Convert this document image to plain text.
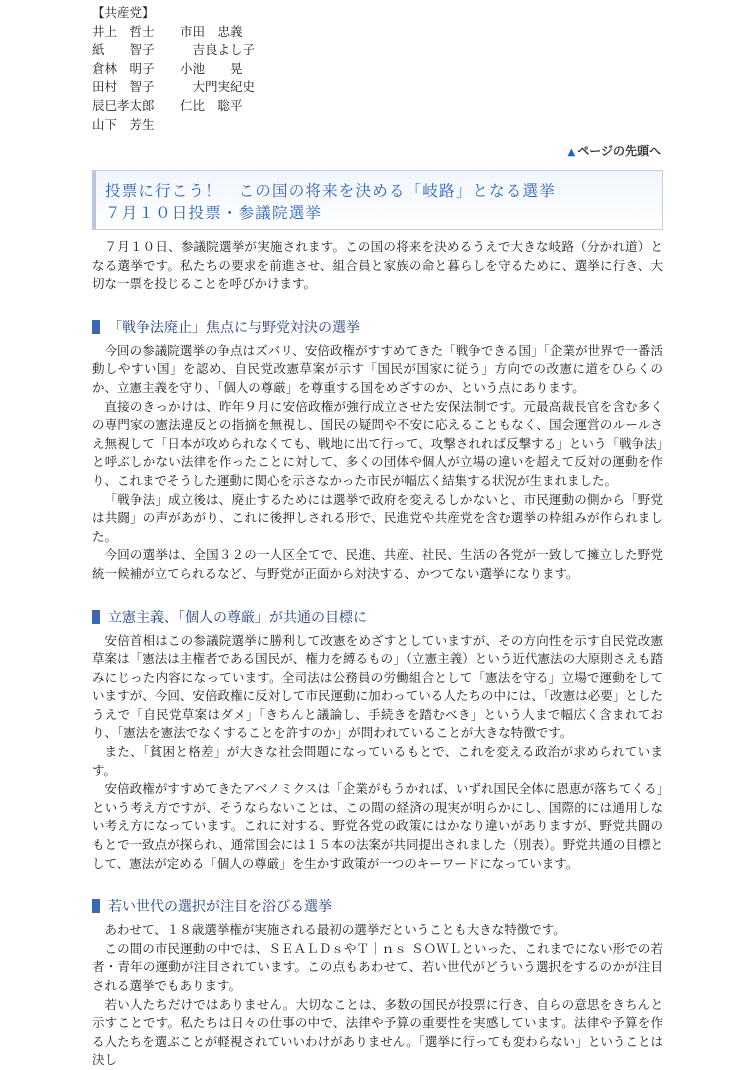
【共産党】
井上　哲士	市田　忠義
紙　　智子	　吉良よし子
倉林　明子	小池　　晃
田村　智子	　大門実紀史
辰巳孝太郎	仁比　聡平
山下　芳生
▲ ページの先頭へ
投票に行こう！　この国の将来を決める「岐路」となる選挙
７月１０日投票・参議院選挙

７月１０日、参議院選挙が実施されます。この国の将来を決めるうえで大きな岐路（分かれ道）となる選挙です。私たちの要求を前進させ、組合員と家族の命と暮らしを守るために、選挙に行き、大切な一票を投じることを呼びかけます。

「戦争法廃止」焦点に与野党対決の選挙

今回の参議院選挙の争点はズバリ、安倍政権がすすめてきた「戦争できる国」「企業が世界で一番活動しやすい国」を認め、自民党改憲草案が示す「国民が国家に従う」方向での改憲に道をひらくのか、立憲主義を守り、「個人の尊厳」を尊重する国をめざすのか、という点にあります。

直接のきっかけは、昨年９月に安倍政権が強行成立させた安保法制です。元最高裁長官を含む多くの専門家の憲法違反との指摘を無視し、国民の疑問や不安に応えることもなく、国会運営のルールさえ無視して「日本が攻められなくても、戦地に出て行って、攻撃されれば反撃する」という「戦争法」と呼ぶしかない法律を作ったことに対して、多くの団体や個人が立場の違いを超えて反対の運動を作り、これまでそうした運動に関心を示さなかった市民が幅広く結集する状況が生まれました。

「戦争法」成立後は、廃止するためには選挙で政府を変えるしかないと、市民運動の側から「野党は共闘」の声があがり、これに後押しされる形で、民進党や共産党を含む選挙の枠組みが作られました。

今回の選挙は、全国３２の一人区全てで、民進、共産、社民、生活の各党が一致して擁立した野党統一候補が立てられるなど、与野党が正面から対決する、かつてない選挙になります。

立憲主義、「個人の尊厳」が共通の目標に

安倍首相はこの参議院選挙に勝利して改憲をめざすとしていますが、その方向性を示す自民党改憲草案は「憲法は主権者である国民が、権力を縛るもの」（立憲主義）という近代憲法の大原則さえも踏みにじった内容になっています。全司法は公務員の労働組合として「憲法を守る」立場で運動をしていますが、今回、安倍政権に反対して市民運動に加わっている人たちの中には、「改憲は必要」としたうえで「自民党草案はダメ」「きちんと議論し、手続きを踏むべき」という人まで幅広く含まれており、「憲法を憲法でなくすることを許すのか」が問われていることが大きな特徴です。

また、「貧困と格差」が大きな社会問題になっているもとで、これを変える政治が求められています。

安倍政権がすすめてきたアベノミクスは「企業がもうかれば、いずれ国民全体に恩恵が落ちてくる」という考え方ですが、そうならないことは、この間の経済の現実が明らかにし、国際的には通用しない考え方になっています。これに対する、野党各党の政策にはかなり違いがありますが、野党共闘のもとで一致点が探られ、通常国会には１５本の法案が共同提出されました（別表）。野党共通の目標として、憲法が定める「個人の尊厳」を生かす政策が一つのキーワードになっています。

若い世代の選択が注目を浴びる選挙

あわせて、１８歳選挙権が実施される最初の選挙だということも大きな特徴です。

この間の市民運動の中では、ＳＥＡＬＤｓやＴ｜ｎｓ ＳＯＷＬといった、これまでにない形での若者・青年の運動が注目されています。この点もあわせて、若い世代がどういう選択をするのかが注目される選挙でもあります。

若い人たちだけではありません。大切なことは、多数の国民が投票に行き、自らの意思をきちんと示すことです。私たちは日々の仕事の中で、法律や予算の重要性を実感しています。法律や予算を作る人たちを選ぶことが軽視されていいわけがありません。「選挙に行っても変わらない」ということは決し
